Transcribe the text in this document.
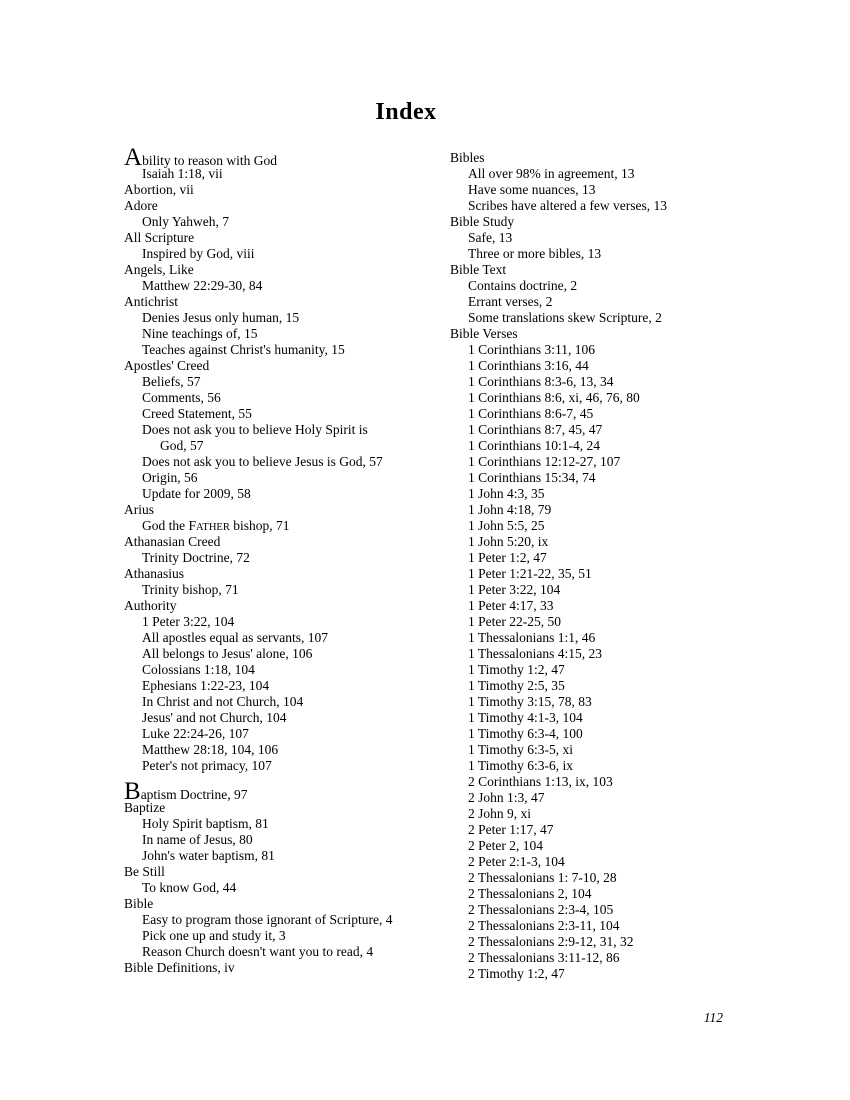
Index
Ability to reason with God
Isaiah 1:18, vii
Abortion, vii
Adore
Only Yahweh, 7
All Scripture
Inspired by God, viii
Angels, Like
Matthew 22:29-30, 84
Antichrist
Denies Jesus only human, 15
Nine teachings of, 15
Teaches against Christ's humanity, 15
Apostles' Creed
Beliefs, 57
Comments, 56
Creed Statement, 55
Does not ask you to believe Holy Spirit is
God, 57
Does not ask you to believe Jesus is God, 57
Origin, 56
Update for 2009, 58
Arius
God the FATHER bishop, 71
Athanasian Creed
Trinity Doctrine, 72
Athanasius
Trinity bishop, 71
Authority
1 Peter 3:22, 104
All apostles equal as servants, 107
All belongs to Jesus' alone, 106
Colossians 1:18, 104
Ephesians 1:22-23, 104
In Christ and not Church, 104
Jesus' and not Church, 104
Luke 22:24-26, 107
Matthew 28:18, 104, 106
Peter's not primacy, 107
Baptism Doctrine, 97
Baptize
Holy Spirit baptism, 81
In name of Jesus, 80
John's water baptism, 81
Be Still
To know God, 44
Bible
Easy to program those ignorant of Scripture, 4
Pick one up and study it, 3
Reason Church doesn't want you to read, 4
Bible Definitions, iv
Bibles
All over 98% in agreement, 13
Have some nuances, 13
Scribes have altered a few verses, 13
Bible Study
Safe, 13
Three or more bibles, 13
Bible Text
Contains doctrine, 2
Errant verses, 2
Some translations skew Scripture, 2
Bible Verses
1 Corinthians 3:11, 106
1 Corinthians 3:16, 44
1 Corinthians 8:3-6, 13, 34
1 Corinthians 8:6, xi, 46, 76, 80
1 Corinthians 8:6-7, 45
1 Corinthians 8:7, 45, 47
1 Corinthians 10:1-4, 24
1 Corinthians 12:12-27, 107
1 Corinthians 15:34, 74
1 John 4:3, 35
1 John 4:18, 79
1 John 5:5, 25
1 John 5:20, ix
1 Peter 1:2, 47
1 Peter 1:21-22, 35, 51
1 Peter 3:22, 104
1 Peter 4:17, 33
1 Peter 22-25, 50
1 Thessalonians 1:1, 46
1 Thessalonians 4:15, 23
1 Timothy 1:2, 47
1 Timothy 2:5, 35
1 Timothy 3:15, 78, 83
1 Timothy 4:1-3, 104
1 Timothy 6:3-4, 100
1 Timothy 6:3-5, xi
1 Timothy 6:3-6, ix
2 Corinthians 1:13, ix, 103
2 John 1:3, 47
2 John 9, xi
2 Peter 1:17, 47
2 Peter 2, 104
2 Peter 2:1-3, 104
2 Thessalonians 1: 7-10, 28
2 Thessalonians 2, 104
2 Thessalonians 2:3-4, 105
2 Thessalonians 2:3-11, 104
2 Thessalonians 2:9-12, 31, 32
2 Thessalonians 3:11-12, 86
2 Timothy 1:2, 47
112
